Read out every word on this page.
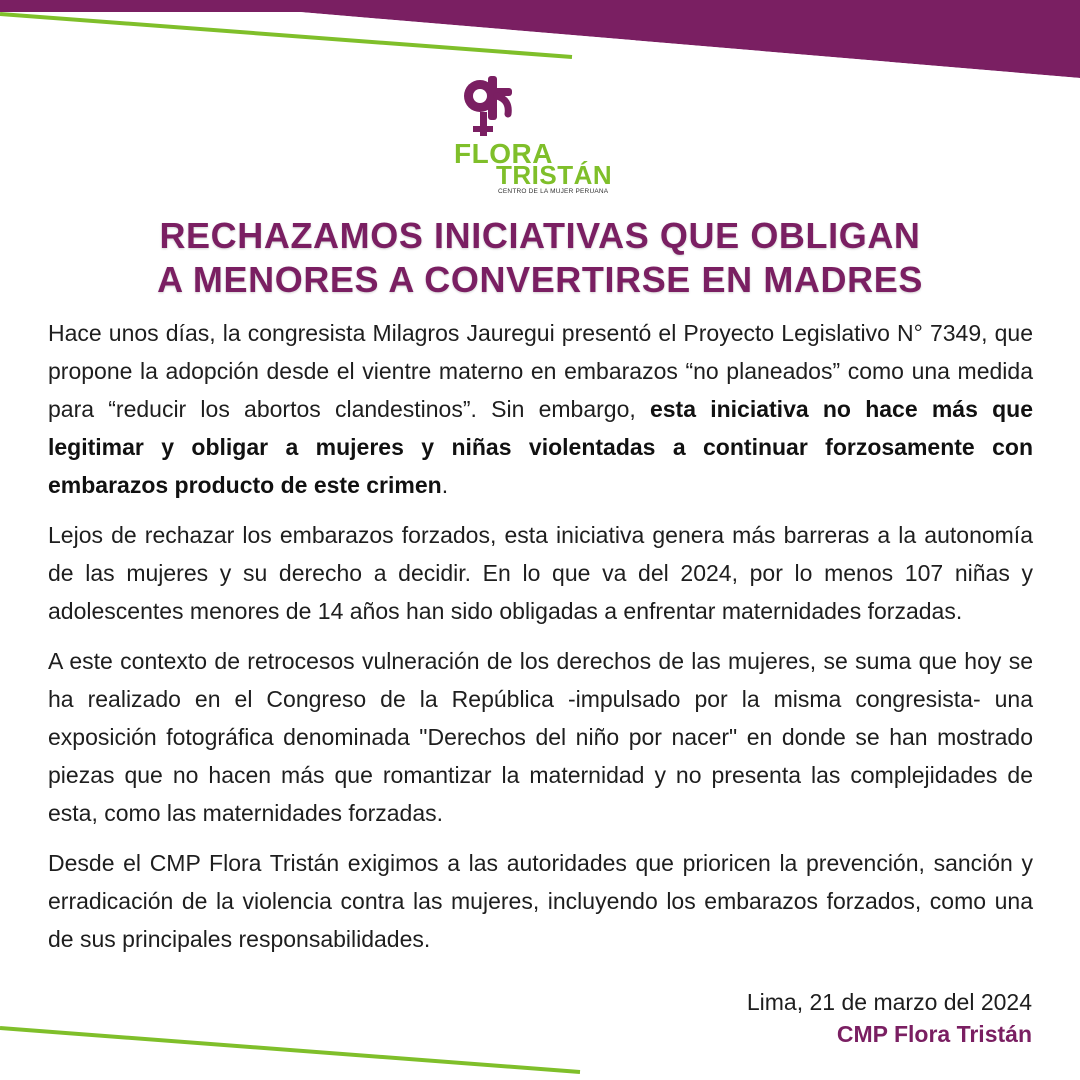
FLORA
TRISTÁN
CENTRO DE LA MUJER PERUANA
RECHAZAMOS INICIATIVAS QUE OBLIGAN
A MENORES A CONVERTIRSE EN MADRES

Hace unos días, la congresista Milagros Jauregui presentó el Proyecto Legislativo N° 7349, que propone la adopción desde el vientre materno en embarazos “no planeados” como una medida para “reducir los abortos clandestinos”. Sin embargo, esta iniciativa no hace más que legitimar y obligar a mujeres y niñas violentadas a continuar forzosamente con embarazos producto de este crimen.

Lejos de rechazar los embarazos forzados, esta iniciativa genera más barreras a la autonomía de las mujeres y su derecho a decidir. En lo que va del 2024, por lo menos 107 niñas y adolescentes menores de 14 años han sido obligadas a enfrentar maternidades forzadas.

A este contexto de retrocesos vulneración de los derechos de las mujeres, se suma que hoy se ha realizado en el Congreso de la República -impulsado por la misma congresista- una exposición fotográfica denominada "Derechos del niño por nacer" en donde se han mostrado piezas que no hacen más que romantizar la maternidad y no presenta las complejidades de esta, como las maternidades forzadas.

Desde el CMP Flora Tristán exigimos a las autoridades que prioricen la prevención, sanción y erradicación de la violencia contra las mujeres, incluyendo los embarazos forzados, como una de sus principales responsabilidades.

Lima, 21 de marzo del 2024
CMP Flora Tristán
